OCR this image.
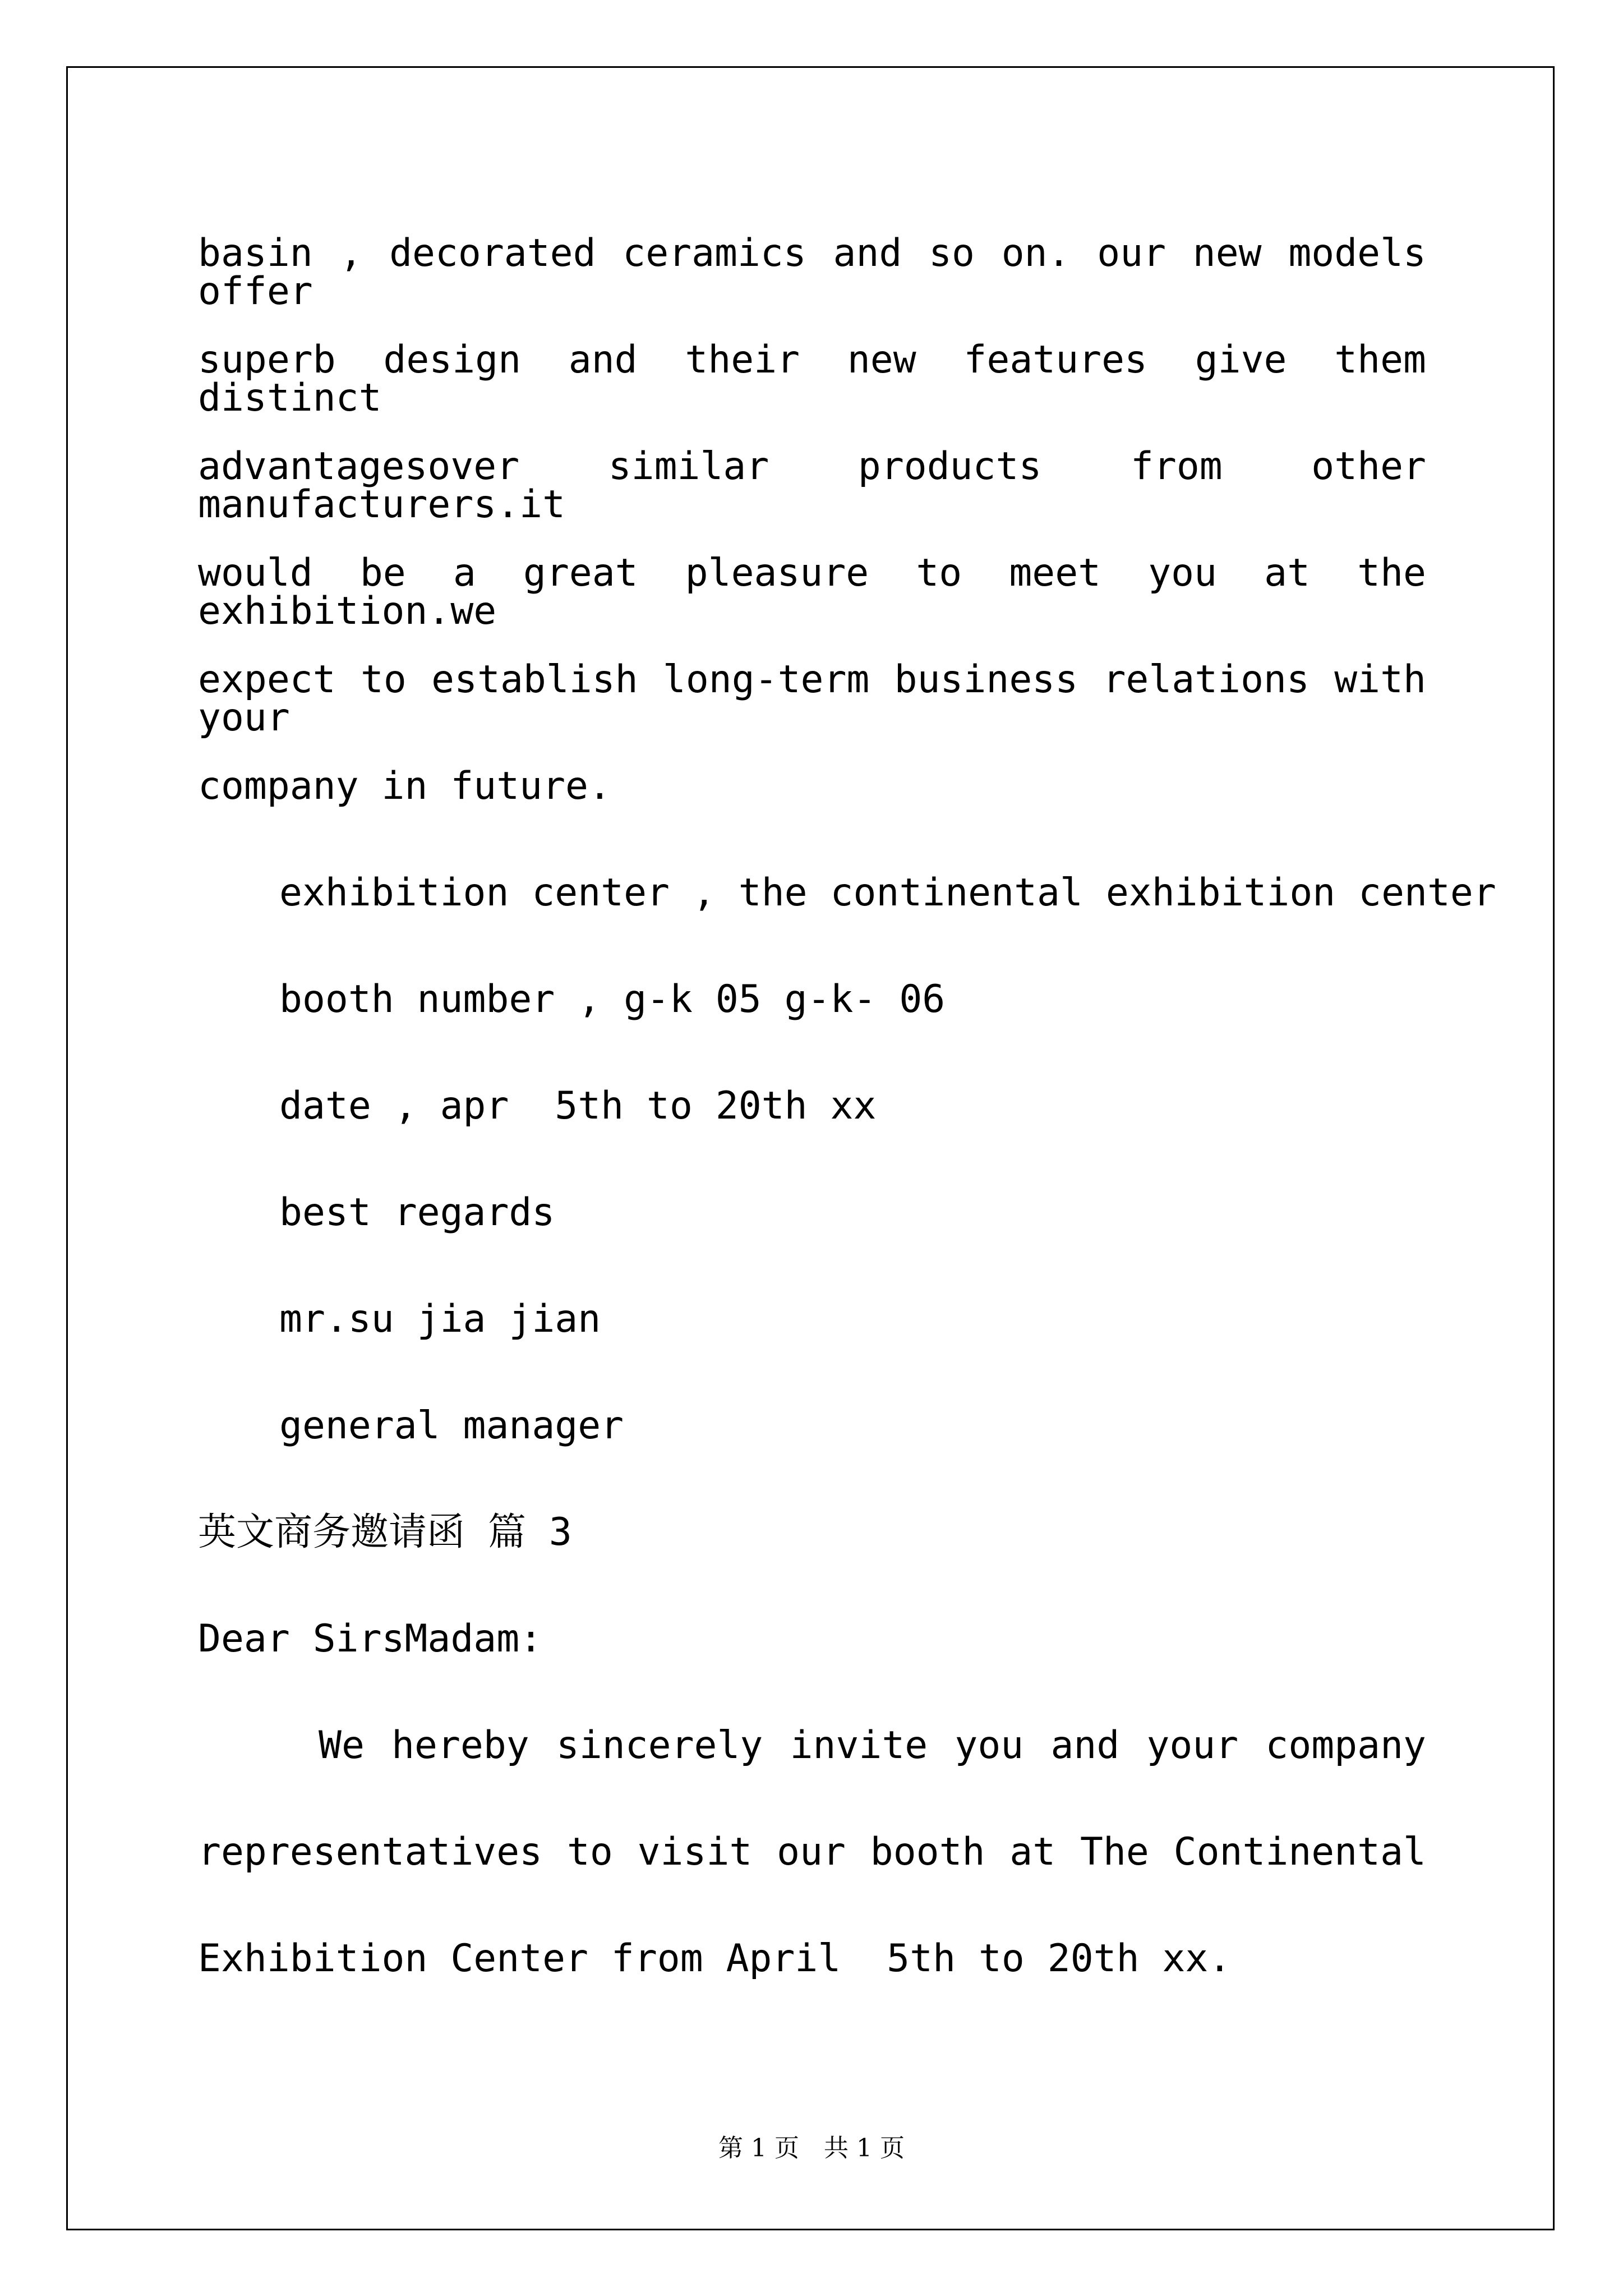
basin , decorated ceramics and so on. our new models offer
superb design and their new features give them distinct
advantagesover similar products from other manufacturers.it
would be a great pleasure to meet you at the exhibition.we
expect to establish long-term business relations with your
company in future.
exhibition center , the continental exhibition center
booth number , g-k 05 g-k- 06
date , apr  5th to 20th xx
best regards
mr.su jia jian
general manager
英文商务邀请函 篇 3
Dear SirsMadam:
We hereby sincerely invite you and your company
representatives to visit our booth at The Continental
Exhibition Center from April  5th to 20th xx.
第 1 页　共 1 页
